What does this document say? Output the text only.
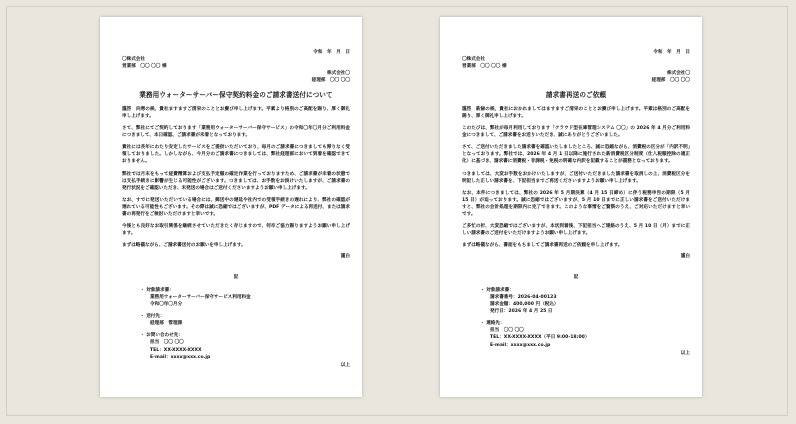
令和　年　月　日
〇株式会社
営業部　〇〇 〇〇 様
株式会社〇
経理部　〇〇 〇〇
業務用ウォーターサーバー保守契約料金のご請求書送付について
謹啓　向寒の候、貴社ますますご清栄のこととお慶び申し上げます。平素より格別のご高配を賜り、厚く御礼申し上げます。
さて、弊社にてご契約しております「業務用ウォーターサーバー保守サービス」の令和〇年〇月分ご利用料金につきまして、本日確認、ご請求書が未着となっております。
貴社には長年にわたり安定したサービスをご提供いただいており、毎月のご請求書につきましても滞りなく受領しておりました。しかしながら、今月分のご請求書につきましては、弊社経理部において到着を確認できておりません。
弊社では月末をもって経費精算および支払予定額の確定作業を行っておりますため、ご請求書が未着の状態では支払手続きに影響が生じる可能性がございます。つきましては、お手数をお掛けいたしますが、ご請求書の発行状況をご確認いただき、未発送の場合はご送付くださいますようお願い申し上げます。
なお、すでに発送いただいている場合には、郵送中の遅延や社内での受領手続きの遅れにより、弊社の確認が遅れている可能性もございます。その際は誠に恐縮ではございますが、PDF データによる再送付、または請求書の再発行をご検討いただけますと幸いです。
今後とも良好なお取引関係を継続させていただきたく存じますので、何卒ご協力賜りますようお願い申し上げます。
まずは略儀ながら、ご請求書送付のお願いを申し上げます。
謹白
記
・ 対象請求書：
業務用ウォーターサーバー保守サービス利用料金
令和〇年〇月分
・ 送付先：
経理部　管理課
・ お問い合わせ先：
担当　〇〇 〇〇
TEL：XX-XXXX-XXXX
E-mail：xxxx@xxx.co.jp
以上
令和　年　月　日
〇株式会社
営業部　〇〇 〇〇 様
株式会社〇
経理部　〇〇 〇〇
請求書再送のご依頼
謹啓　新緑の候、貴社におかれましてはますますご清栄のこととお慶び申し上げます。平素は格別のご高配を賜り、厚く御礼申し上げます。
このたびは、弊社が毎月利用しております「クラウド型在庫管理システム 〇〇」の 2026 年 4 月分ご利用料金につきまして、ご請求書をお送りいただき、誠にありがとうございました。
さて、ご送付いただきました請求書を確認いたしましたところ、誠に恐縮ながら、消費税の区分が「内訳不明」となっております。弊社では、2026 年 4 月 1 日以降に施行された新消費税区分制度（仕入税額控除の適正化）に基づき、請求書に消費税・非課税・免税の明確な内訳を記載することが義務となっております。
つきましては、大変お手数をおかけいたしますが、ご送付いただきました請求書を取消しの上、消費税区分を明記した正しい請求書を、下記担当までご再送くださいますようお願い申し上げます。
なお、本件につきましては、弊社の 2026 年 5 月期決算（4 月 15 日締め）に伴う税務申告の期限（5 月 15 日）が迫っております。誠に恐縮ではございますが、5 月 10 日までに正しい請求書をご送付いただけますと、弊社の会計処理を期限内に完了できます。このような事情をご賢察のうえ、ご対応いただけますと幸いです。
ご多忙の折、大変恐縮ではございますが、本状到着後、下記担当へご連絡のうえ、5 月 10 日（月）までに正しい請求書のご送付をいただけますようお願い申し上げます。
まずは略儀ながら、書面をもちましてご請求書再送のご依頼を申し上げます。
謹白
記
・ 対象請求書：
請求書番号：2026-04-00123
請求金額：400,000 円（税込）
発行日：2026 年 4 月 25 日
・ 連絡先：
担当　〇〇 〇〇
TEL：XX-XXXX-XXXX（平日 9:00-18:00）
E-mail：xxxx@xxx.co.jp
以上
